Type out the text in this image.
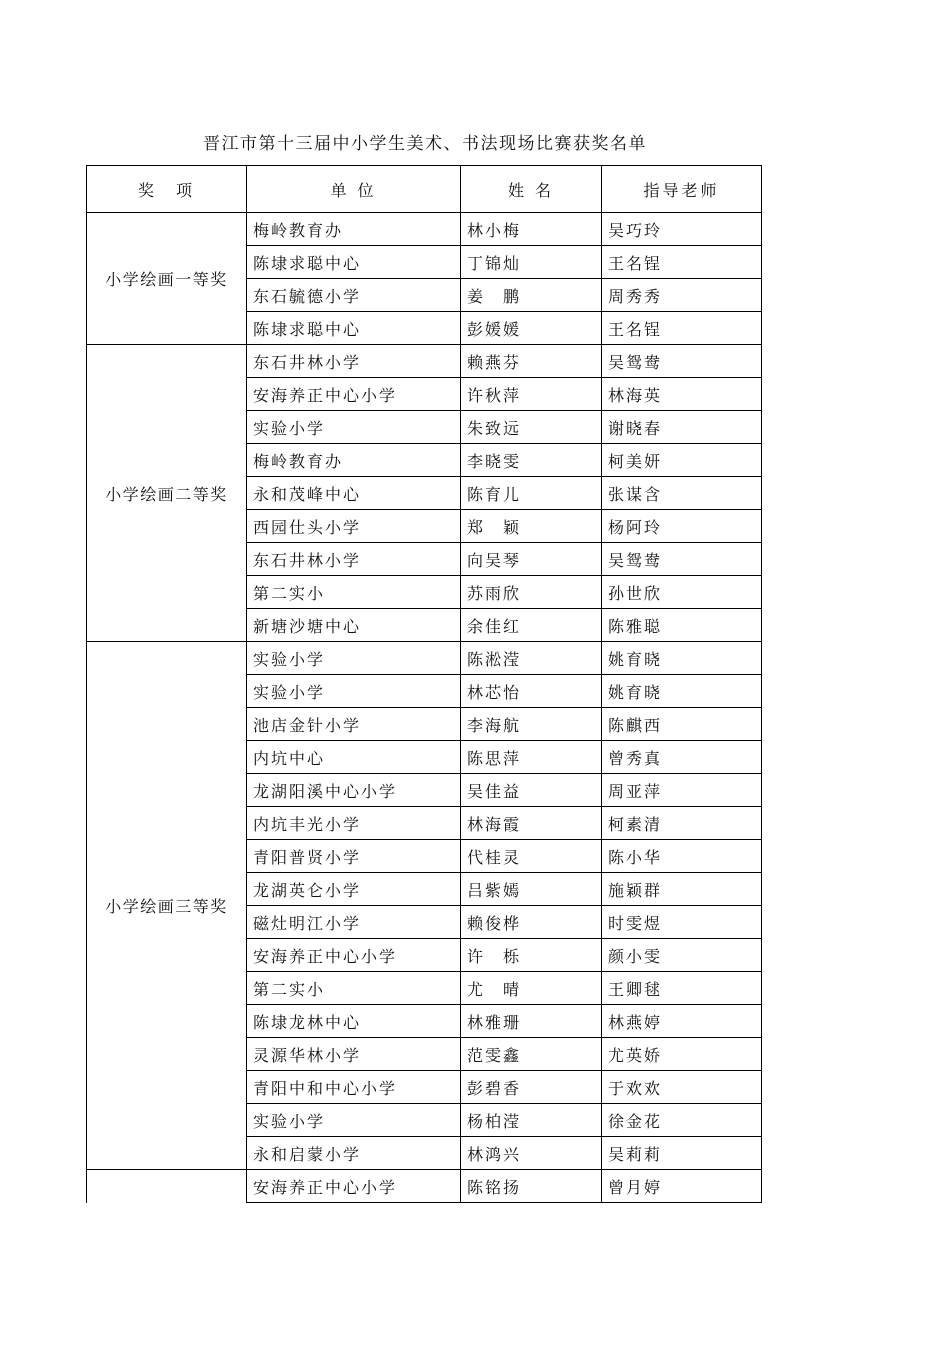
晋江市第十三届中小学生美术、书法现场比赛获奖名单
奖　项	单 位	姓 名	指导老师
小学绘画一等奖	梅岭教育办	林小梅	吴巧玲
	陈埭求聪中心	丁锦灿	王名锃
	东石毓德小学	姜　鹏	周秀秀
	陈埭求聪中心	彭媛媛	王名锃
小学绘画二等奖	东石井林小学	赖燕芬	吴鸳鸯
	安海养正中心小学	许秋萍	林海英
	实验小学	朱致远	谢晓春
	梅岭教育办	李晓雯	柯美妍
	永和茂峰中心	陈育儿	张谋含
	西园仕头小学	郑　颖	杨阿玲
	东石井林小学	向吴琴	吴鸳鸯
	第二实小	苏雨欣	孙世欣
	新塘沙塘中心	余佳红	陈雅聪
小学绘画三等奖	实验小学	陈淞滢	姚育晓
	实验小学	林芯怡	姚育晓
	池店金针小学	李海航	陈麒西
	内坑中心	陈思萍	曾秀真
	龙湖阳溪中心小学	吴佳益	周亚萍
	内坑丰光小学	林海霞	柯素清
	青阳普贤小学	代桂灵	陈小华
	龙湖英仑小学	吕紫嫣	施颖群
	磁灶明江小学	赖俊桦	时雯煜
	安海养正中心小学	许　栎	颜小雯
	第二实小	尤　晴	王卿毬
	陈埭龙林中心	林雅珊	林燕婷
	灵源华林小学	范雯鑫	尤英娇
	青阳中和中心小学	彭碧香	于欢欢
	实验小学	杨柏滢	徐金花
	永和启蒙小学	林鸿兴	吴莉莉
	安海养正中心小学	陈铭扬	曾月婷
